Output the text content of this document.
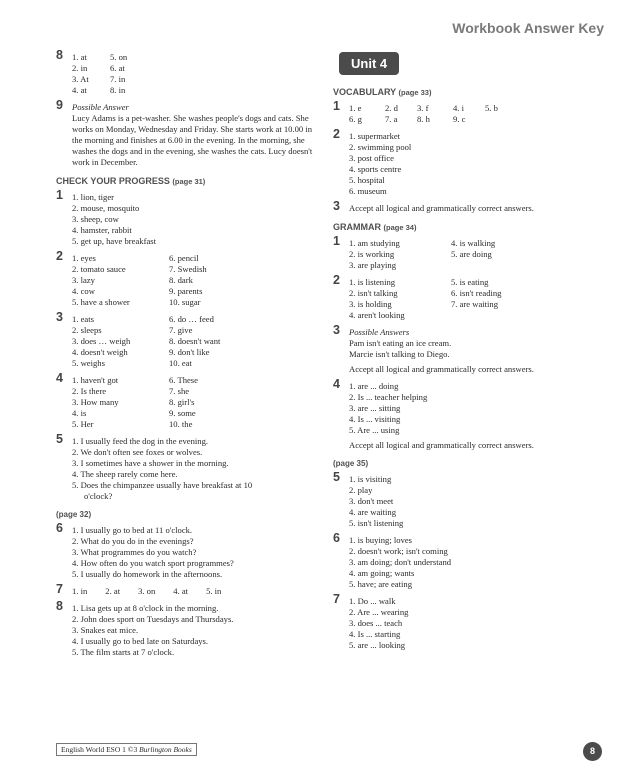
Workbook Answer Key
8 1. at
2. in
3. At
4. at
5. on
6. at
7. in
8. in
9 Possible Answer
Lucy Adams is a pet-washer. She washes people's dogs and cats. She works on Monday, Wednesday and Friday. She starts work at 10.00 in the morning and finishes at 6.00 in the evening. In the morning, she washes the dogs and in the evening, she washes the cats. Lucy doesn't work in December.
CHECK YOUR PROGRESS (page 31)
1 1. lion, tiger
2. mouse, mosquito
3. sheep, cow
4. hamster, rabbit
5. get up, have breakfast
2 1. eyes
2. tomato sauce
3. lazy
4. cow
5. have a shower
6. pencil
7. Swedish
8. dark
9. parents
10. sugar
3 1. eats
2. sleeps
3. does … weigh
4. doesn't weigh
5. weighs
6. do … feed
7. give
8. doesn't want
9. don't like
10. eat
4 1. haven't got
2. Is there
3. How many
4. is
5. Her
6. These
7. she
8. girl's
9. some
10. the
5 1. I usually feed the dog in the evening.
2. We don't often see foxes or wolves.
3. I sometimes have a shower in the morning.
4. The sheep rarely come here.
5. Does the chimpanzee usually have breakfast at 10
o'clock?
(page 32)
6 1. I usually go to bed at 11 o'clock.
2. What do you do in the evenings?
3. What programmes do you watch?
4. How often do you watch sport programmes?
5. I usually do homework in the afternoons.
7 1. in 2. at 3. on 4. at 5. in
8 1. Lisa gets up at 8 o'clock in the morning.
2. John does sport on Tuesdays and Thursdays.
3. Snakes eat mice.
4. I usually go to bed late on Saturdays.
5. The film starts at 7 o'clock.
Unit 4
VOCABULARY (page 33)
1 1. e	2. d	3. f	4. i	5. b
6. g	7. a	8. h	9. c
2 1. supermarket
2. swimming pool
3. post office
4. sports centre
5. hospital
6. museum
3 Accept all logical and grammatically correct answers.
GRAMMAR (page 34)
1 1. am studying
2. is working
3. are playing
4. is walking
5. are doing
2 1. is listening
2. isn't talking
3. is holding
4. aren't looking
5. is eating
6. isn't reading
7. are waiting
3 Possible Answers
Pam isn't eating an ice cream.
Marcie isn't talking to Diego.
Accept all logical and grammatically correct answers.
4 1. are ... doing
2. Is ... teacher helping
3. are ... sitting
4. Is ... visiting
5. Are ... using
Accept all logical and grammatically correct answers.
(page 35)
5 1. is visiting
2. play
3. don't meet
4. are waiting
5. isn't listening
6 1. is buying; loves
2. doesn't work; isn't coming
3. am doing; don't understand
4. am going; wants
5. have; are eating
7 1. Do ... walk
2. Are ... wearing
3. does ... teach
4. Is ... starting
5. are ... looking
English World ESO 1 ©3 Burlington Books	8
